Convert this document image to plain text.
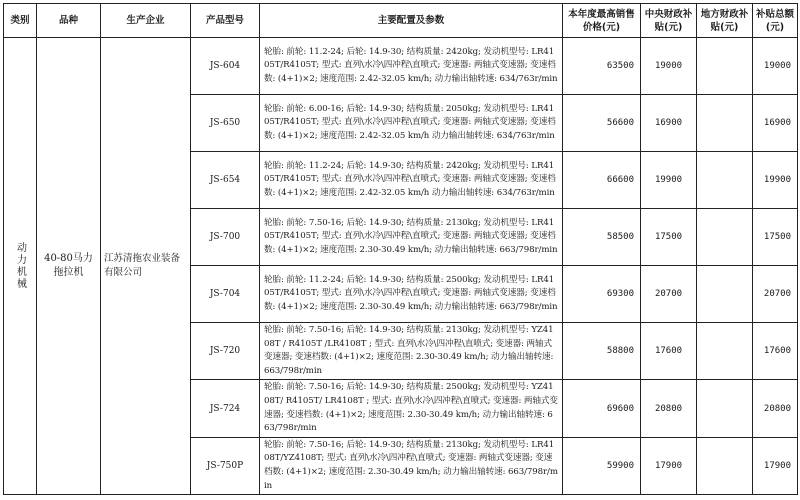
类别	品种	生产企业	产品型号	主要配置及参数	本年度最高销售价格(元)	中央财政补贴(元)	地方财政补贴(元)	补贴总额(元)

动力机械	40-80马力拖拉机	江苏清拖农业装备有限公司	JS-604	轮胎: 前轮: 11.2-24; 后轮: 14.9-30; 结构质量: 2420kg; 发动机型号: LR4105T/R4105T; 型式: 直列\水冷\四冲程\直喷式; 变速器: 两轴式变速器; 变速档数: (4+1)×2; 速度范围: 2.42-32.05 km/h; 动力输出轴转速: 634/763r/min	63500	19000		19000
			JS-650	轮胎: 前轮: 6.00-16; 后轮: 14.9-30; 结构质量: 2050kg; 发动机型号: LR4105T/R4105T; 型式: 直列\水冷\四冲程\直喷式; 变速器: 两轴式变速器; 变速档数: (4+1)×2; 速度范围: 2.42-32.05 km/h 动力输出轴转速: 634/763r/min	56600	16900		16900
			JS-654	轮胎: 前轮: 11.2-24; 后轮: 14.9-30; 结构质量: 2420kg; 发动机型号: LR4105T/R4105T; 型式: 直列\水冷\四冲程\直喷式; 变速器: 两轴式变速器; 变速档数: (4+1)×2; 速度范围: 2.42-32.05 km/h 动力输出轴转速: 634/763r/min	66600	19900		19900
			JS-700	轮胎: 前轮: 7.50-16; 后轮: 14.9-30; 结构质量: 2130kg; 发动机型号: LR4105T/R4105T; 型式: 直列\水冷\四冲程\直喷式; 变速器: 两轴式变速器; 变速档数: (4+1)×2; 速度范围: 2.30-30.49 km/h; 动力输出轴转速: 663/798r/min	58500	17500		17500
			JS-704	轮胎: 前轮: 11.2-24; 后轮: 14.9-30; 结构质量: 2500kg; 发动机型号: LR4105T/R4105T; 型式: 直列\水冷\四冲程\直喷式; 变速器: 两轴式变速器; 变速档数: (4+1)×2; 速度范围: 2.30-30.49 km/h; 动力输出轴转速: 663/798r/min	69300	20700		20700
			JS-720	轮胎: 前轮: 7.50-16; 后轮: 14.9-30; 结构质量: 2130kg; 发动机型号: YZ4108T / R4105T /LR4108T ; 型式: 直列\水冷\四冲程\直喷式; 变速器: 两轴式变速器; 变速档数: (4+1)×2; 速度范围: 2.30-30.49 km/h; 动力输出轴转速: 663/798r/min	58800	17600		17600
			JS-724	轮胎: 前轮: 7.50-16; 后轮: 14.9-30; 结构质量: 2500kg; 发动机型号: YZ4108T/ R4105T/ LR4108T ; 型式: 直列\水冷\四冲程\直喷式; 变速器: 两轴式变速器; 变速档数: (4+1)×2; 速度范围: 2.30-30.49 km/h; 动力输出轴转速: 663/798r/min	69600	20800		20800
			JS-750P	轮胎: 前轮: 7.50-16; 后轮: 14.9-30; 结构质量: 2130kg; 发动机型号: LR4108T/YZ4108T; 型式: 直列\水冷\四冲程\直喷式; 变速器: 两轴式变速器; 变速档数: (4+1)×2; 速度范围: 2.30-30.49 km/h; 动力输出轴转速: 663/798r/min	59900	17900		17900
